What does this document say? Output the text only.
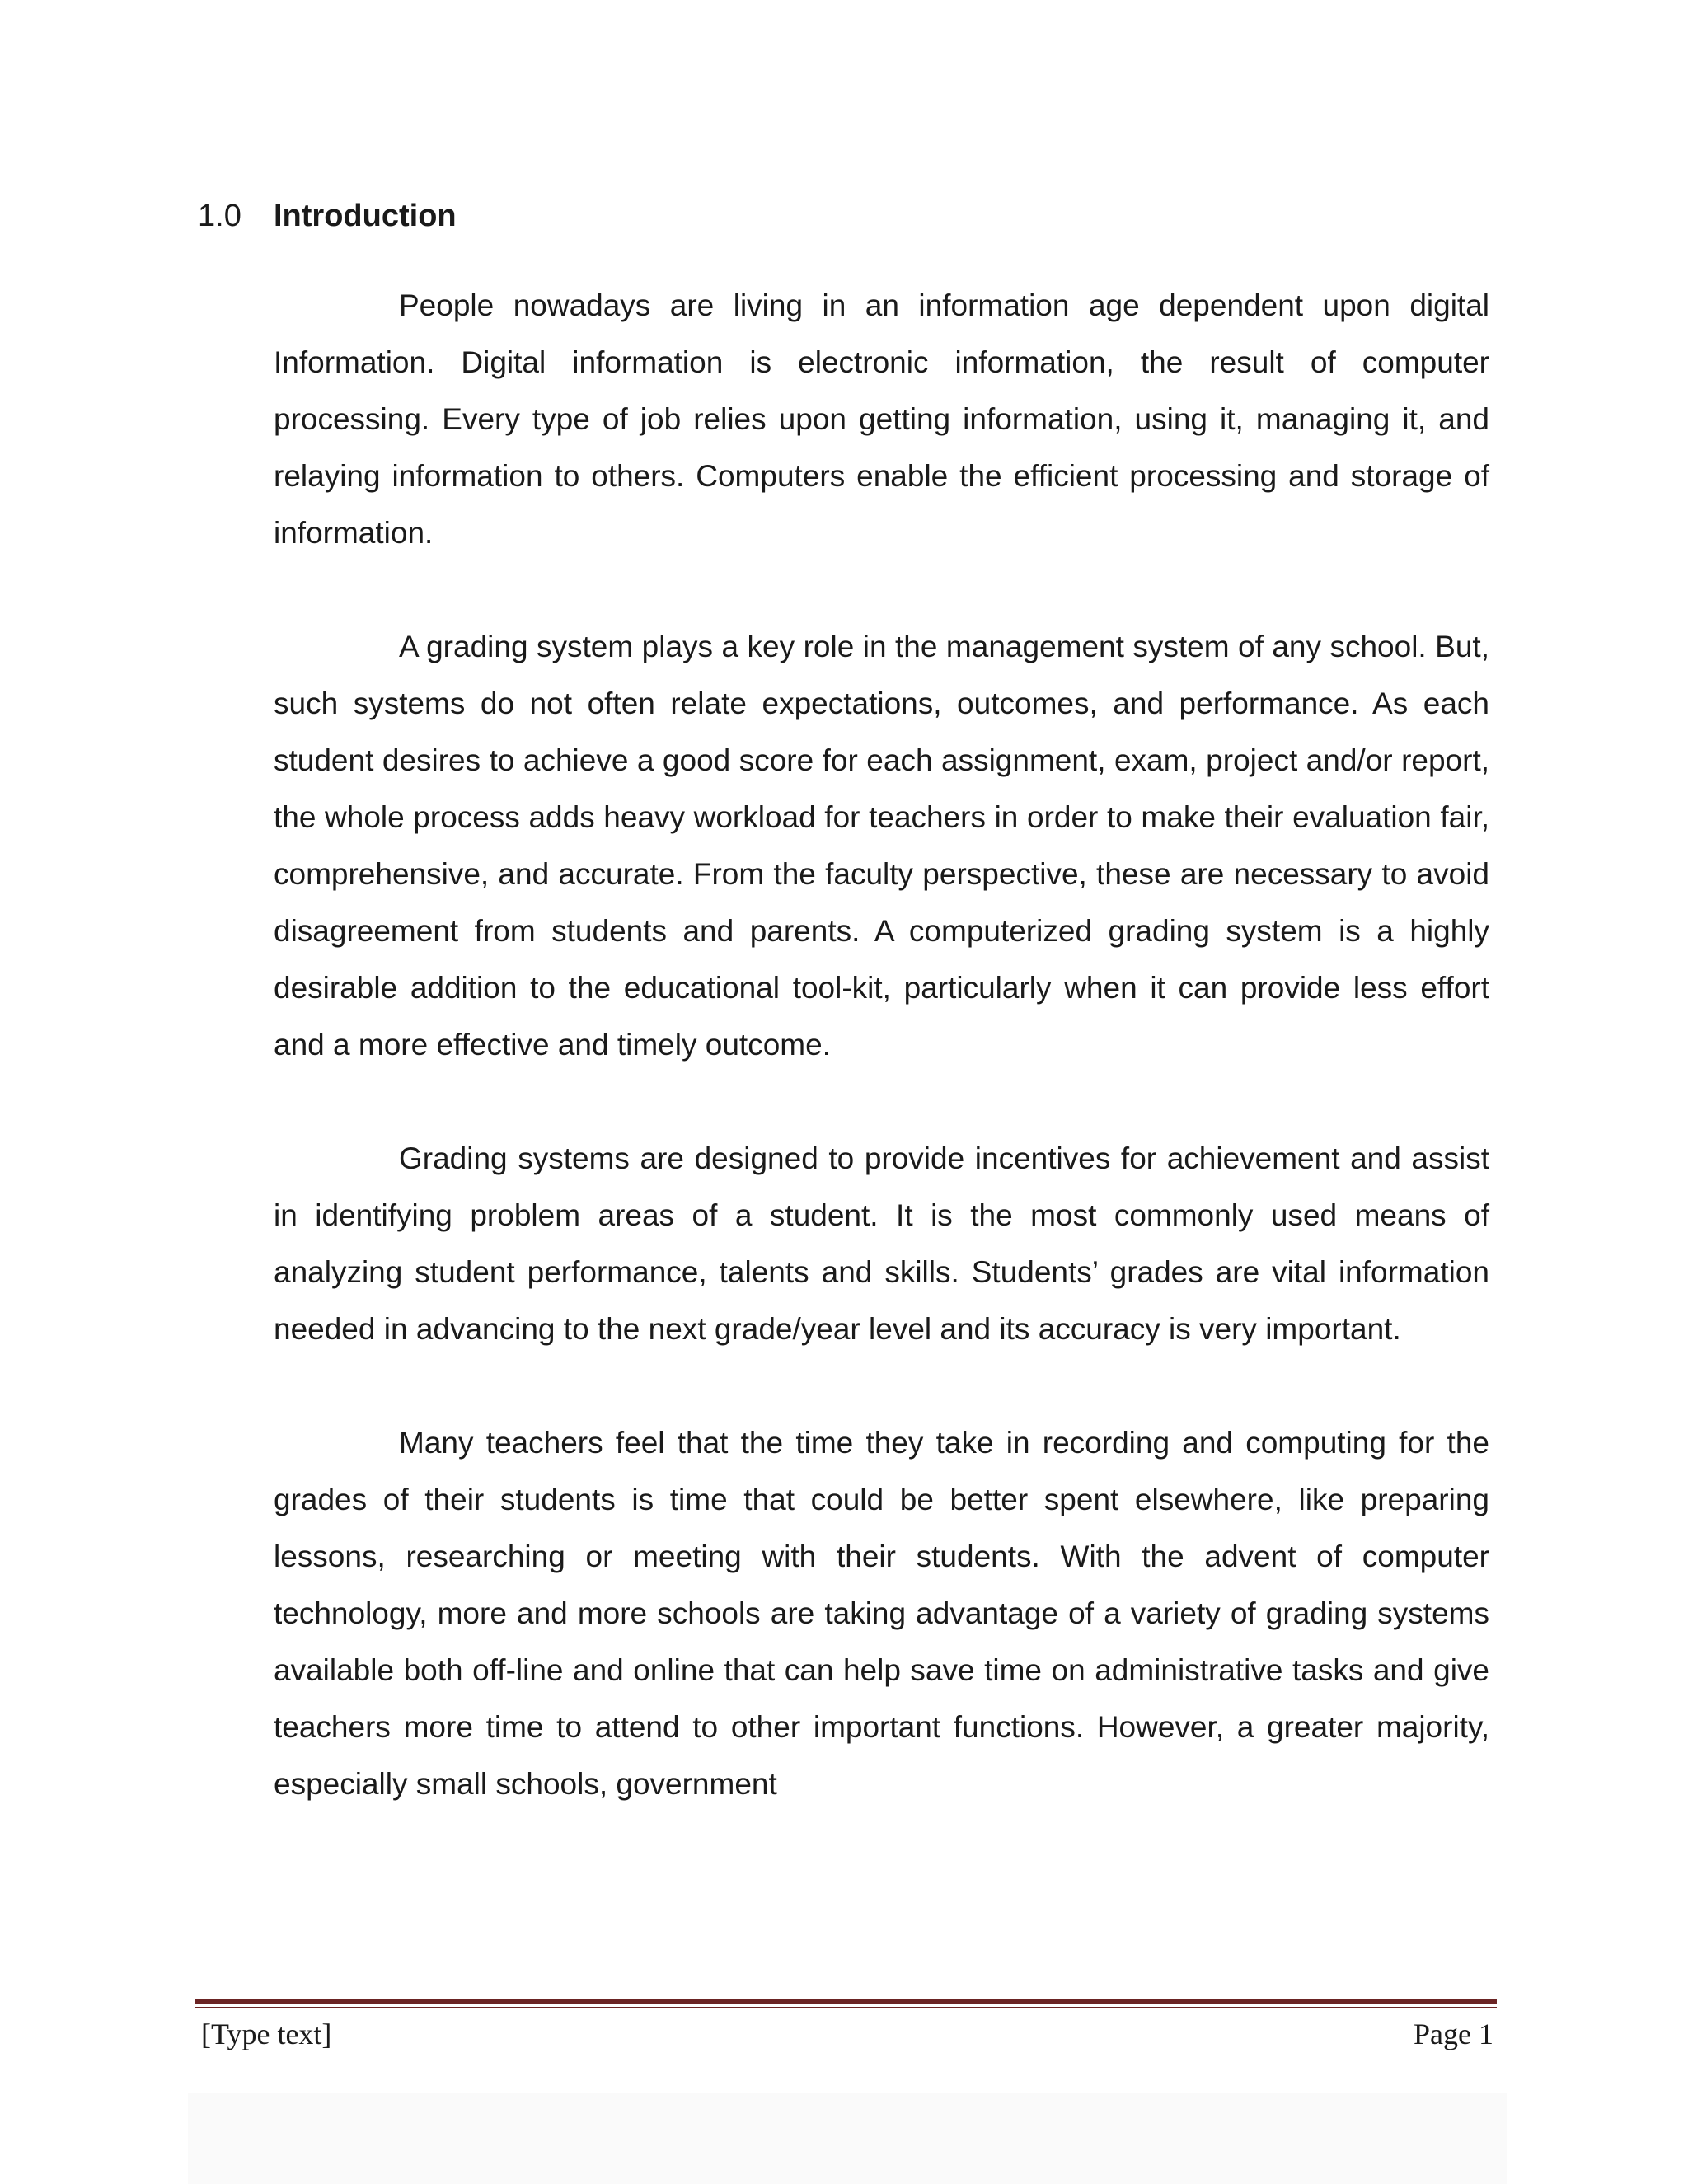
1.0 Introduction

People nowadays are living in an information age dependent upon digital Information. Digital information is electronic information, the result of computer processing. Every type of job relies upon getting information, using it, managing it, and relaying information to others. Computers enable the efficient processing and storage of information.

A grading system plays a key role in the management system of any school. But, such systems do not often relate expectations, outcomes, and performance. As each student desires to achieve a good score for each assignment, exam, project and/or report, the whole process adds heavy workload for teachers in order to make their evaluation fair, comprehensive, and accurate. From the faculty perspective, these are necessary to avoid disagreement from students and parents. A computerized grading system is a highly desirable addition to the educational tool-kit, particularly when it can provide less effort and a more effective and timely outcome.

Grading systems are designed to provide incentives for achievement and assist in identifying problem areas of a student. It is the most commonly used means of analyzing student performance, talents and skills. Students’ grades are vital information needed in advancing to the next grade/year level and its accuracy is very important.

Many teachers feel that the time they take in recording and computing for the grades of their students is time that could be better spent elsewhere, like preparing lessons, researching or meeting with their students. With the advent of computer technology, more and more schools are taking advantage of a variety of grading systems available both off-line and online that can help save time on administrative tasks and give teachers more time to attend to other important functions. However, a greater majority, especially small schools, government

[Type text]	Page 1
